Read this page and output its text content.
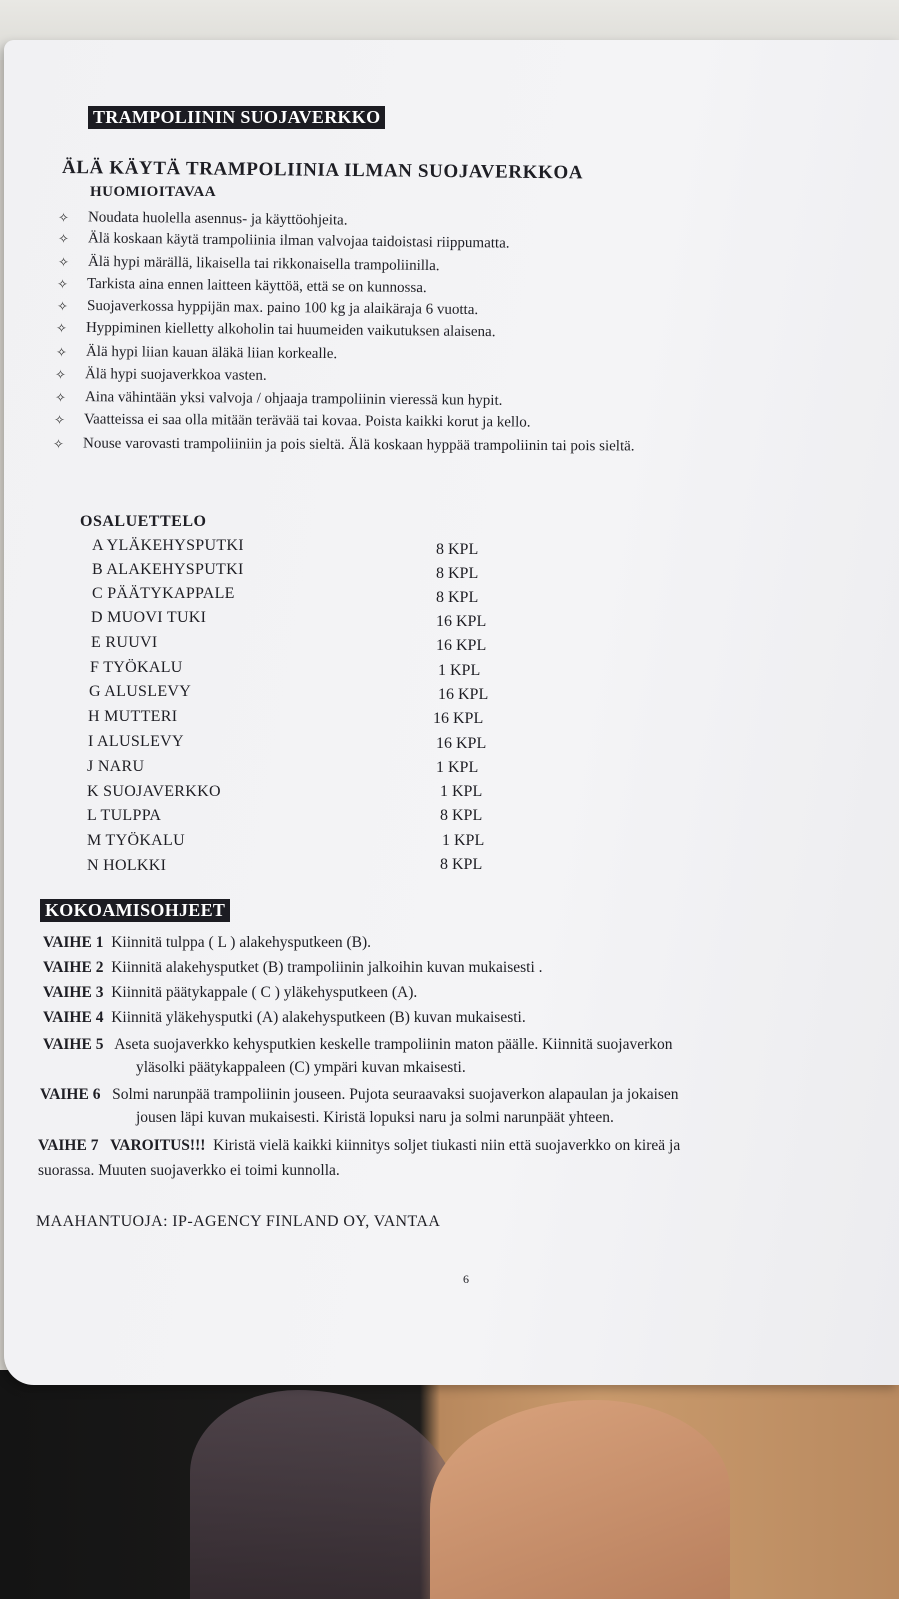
TRAMPOLIININ SUOJAVERKKO
ÄLÄ KÄYTÄ TRAMPOLIINIA ILMAN SUOJAVERKKOA
HUOMIOITAVAA
✧ Noudata huolella asennus- ja käyttöohjeita.
✧ Älä koskaan käytä trampoliinia ilman valvojaa taidoistasi riippumatta.
✧ Älä hypi märällä, likaisella tai rikkonaisella trampoliinilla.
✧ Tarkista aina ennen laitteen käyttöä, että se on kunnossa.
✧ Suojaverkossa hyppijän max. paino 100 kg ja alaikäraja 6 vuotta.
✧ Hyppiminen kielletty alkoholin tai huumeiden vaikutuksen alaisena.
✧ Älä hypi liian kauan äläkä liian korkealle.
✧ Älä hypi suojaverkkoa vasten.
✧ Aina vähintään yksi valvoja / ohjaaja trampoliinin vieressä kun hypit.
✧ Vaatteissa ei saa olla mitään terävää tai kovaa. Poista kaikki korut ja kello.
✧ Nouse varovasti trampoliiniin ja pois sieltä. Älä koskaan hyppää trampoliinin tai pois sieltä.
OSALUETTELO
A YLÄKEHYSPUTKI	8 KPL
B ALAKEHYSPUTKI	8 KPL
C PÄÄTYKAPPALE	8 KPL
D MUOVI TUKI	16 KPL
E RUUVI	16 KPL
F TYÖKALU	1 KPL
G ALUSLEVY	16 KPL
H MUTTERI	16 KPL
I ALUSLEVY	16 KPL
J NARU	1 KPL
K SUOJAVERKKO	1 KPL
L TULPPA	8 KPL
M TYÖKALU	1 KPL
N HOLKKI	8 KPL
KOKOAMISOHJEET
VAIHE 1 Kiinnitä tulppa ( L ) alakehysputkeen (B).
VAIHE 2 Kiinnitä alakehysputket (B) trampoliinin jalkoihin kuvan mukaisesti .
VAIHE 3 Kiinnitä päätykappale ( C ) yläkehysputkeen (A).
VAIHE 4 Kiinnitä yläkehysputki (A) alakehysputkeen (B) kuvan mukaisesti.
VAIHE 5 Aseta suojaverkko kehysputkien keskelle trampoliinin maton päälle. Kiinnitä suojaverkon
yläsolki päätykappaleen (C) ympäri kuvan mkaisesti.
VAIHE 6 Solmi narunpää trampoliinin jouseen. Pujota seuraavaksi suojaverkon alapaulan ja jokaisen
jousen läpi kuvan mukaisesti. Kiristä lopuksi naru ja solmi narunpäät yhteen.
VAIHE 7 VAROITUS!!! Kiristä vielä kaikki kiinnitys soljet tiukasti niin että suojaverkko on kireä ja
suorassa. Muuten suojaverkko ei toimi kunnolla.
MAAHANTUOJA: IP-AGENCY FINLAND OY, VANTAA
6
